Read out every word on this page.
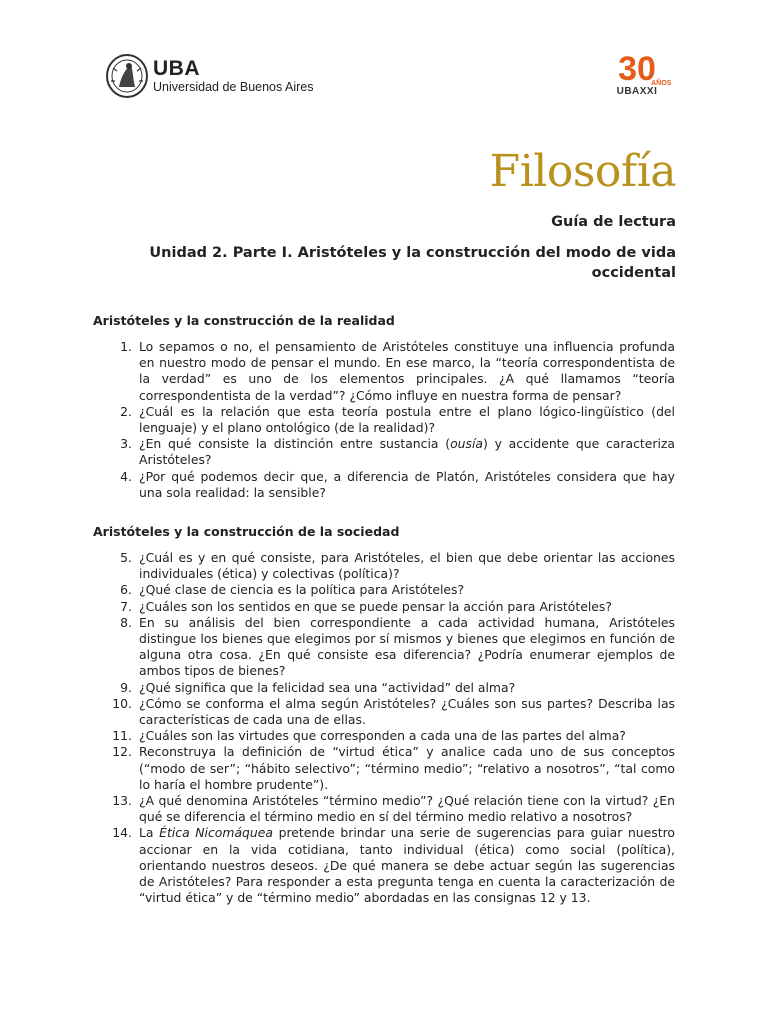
UBA
Universidad de Buenos Aires	30
AÑOS
UBAXXI
Filosofía
Guía de lectura
Unidad 2. Parte I. Aristóteles y la construcción del modo de vida occidental
Aristóteles y la construcción de la realidad
1. Lo sepamos o no, el pensamiento de Aristóteles constituye una influencia profunda en nuestro modo de pensar el mundo. En ese marco, la “teoría correspondentista de la verdad” es uno de los elementos principales. ¿A qué llamamos “teoría correspondentista de la verdad”? ¿Cómo influye en nuestra forma de pensar?
2. ¿Cuál es la relación que esta teoría postula entre el plano lógico-lingüístico (del lenguaje) y el plano ontológico (de la realidad)?
3. ¿En qué consiste la distinción entre sustancia (ousía) y accidente que caracteriza Aristóteles?
4. ¿Por qué podemos decir que, a diferencia de Platón, Aristóteles considera que hay una sola realidad: la sensible?
Aristóteles y la construcción de la sociedad
5. ¿Cuál es y en qué consiste, para Aristóteles, el bien que debe orientar las acciones individuales (ética) y colectivas (política)?
6. ¿Qué clase de ciencia es la política para Aristóteles?
7. ¿Cuáles son los sentidos en que se puede pensar la acción para Aristóteles?
8. En su análisis del bien correspondiente a cada actividad humana, Aristóteles distingue los bienes que elegimos por sí mismos y bienes que elegimos en función de alguna otra cosa. ¿En qué consiste esa diferencia? ¿Podría enumerar ejemplos de ambos tipos de bienes?
9. ¿Qué significa que la felicidad sea una “actividad” del alma?
10. ¿Cómo se conforma el alma según Aristóteles? ¿Cuáles son sus partes? Describa las características de cada una de ellas.
11. ¿Cuáles son las virtudes que corresponden a cada una de las partes del alma?
12. Reconstruya la definición de “virtud ética” y analice cada uno de sus conceptos (“modo de ser”; “hábito selectivo”; “término medio”; “relativo a nosotros”, “tal como lo haría el hombre prudente”).
13. ¿A qué denomina Aristóteles “término medio”? ¿Qué relación tiene con la virtud? ¿En qué se diferencia el término medio en sí del término medio relativo a nosotros?
14. La Ética Nicomáquea pretende brindar una serie de sugerencias para guiar nuestro accionar en la vida cotidiana, tanto individual (ética) como social (política), orientando nuestros deseos. ¿De qué manera se debe actuar según las sugerencias de Aristóteles? Para responder a esta pregunta tenga en cuenta la caracterización de “virtud ética” y de “término medio” abordadas en las consignas 12 y 13.
